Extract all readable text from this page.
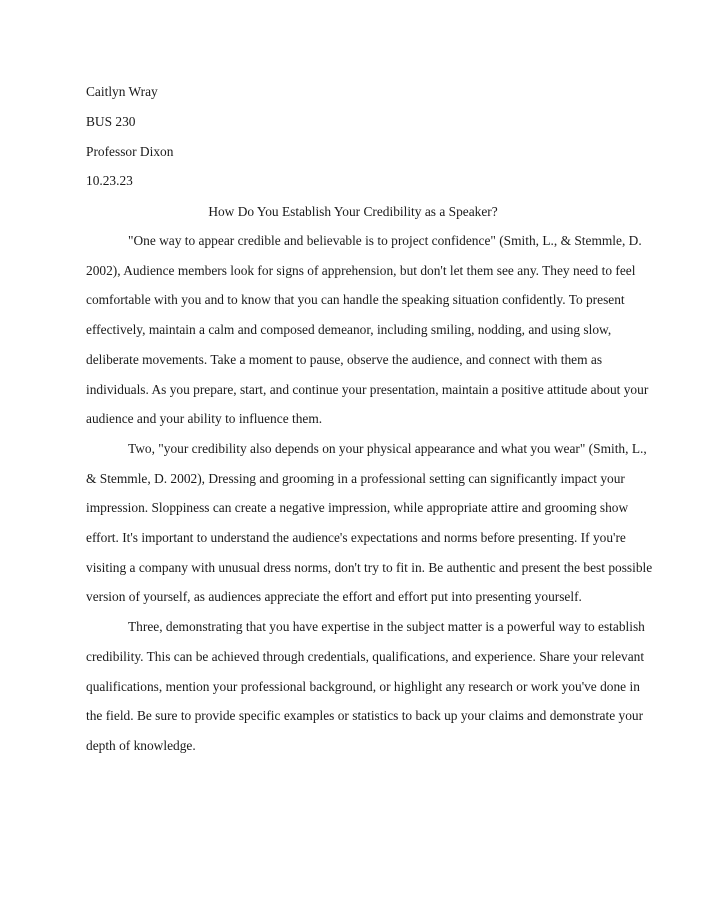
Caitlyn Wray
BUS 230
Professor Dixon
10.23.23
How Do You Establish Your Credibility as a Speaker?

"One way to appear credible and believable is to project confidence" (Smith, L., & Stemmle, D.
2002), Audience members look for signs of apprehension, but don't let them see any. They need to feel
comfortable with you and to know that you can handle the speaking situation confidently. To present
effectively, maintain a calm and composed demeanor, including smiling, nodding, and using slow,
deliberate movements. Take a moment to pause, observe the audience, and connect with them as
individuals. As you prepare, start, and continue your presentation, maintain a positive attitude about your
audience and your ability to influence them.

Two, "your credibility also depends on your physical appearance and what you wear" (Smith, L.,
& Stemmle, D. 2002), Dressing and grooming in a professional setting can significantly impact your
impression. Sloppiness can create a negative impression, while appropriate attire and grooming show
effort. It's important to understand the audience's expectations and norms before presenting. If you're
visiting a company with unusual dress norms, don't try to fit in. Be authentic and present the best possible
version of yourself, as audiences appreciate the effort and effort put into presenting yourself.

Three, demonstrating that you have expertise in the subject matter is a powerful way to establish
credibility. This can be achieved through credentials, qualifications, and experience. Share your relevant
qualifications, mention your professional background, or highlight any research or work you've done in
the field. Be sure to provide specific examples or statistics to back up your claims and demonstrate your
depth of knowledge.
